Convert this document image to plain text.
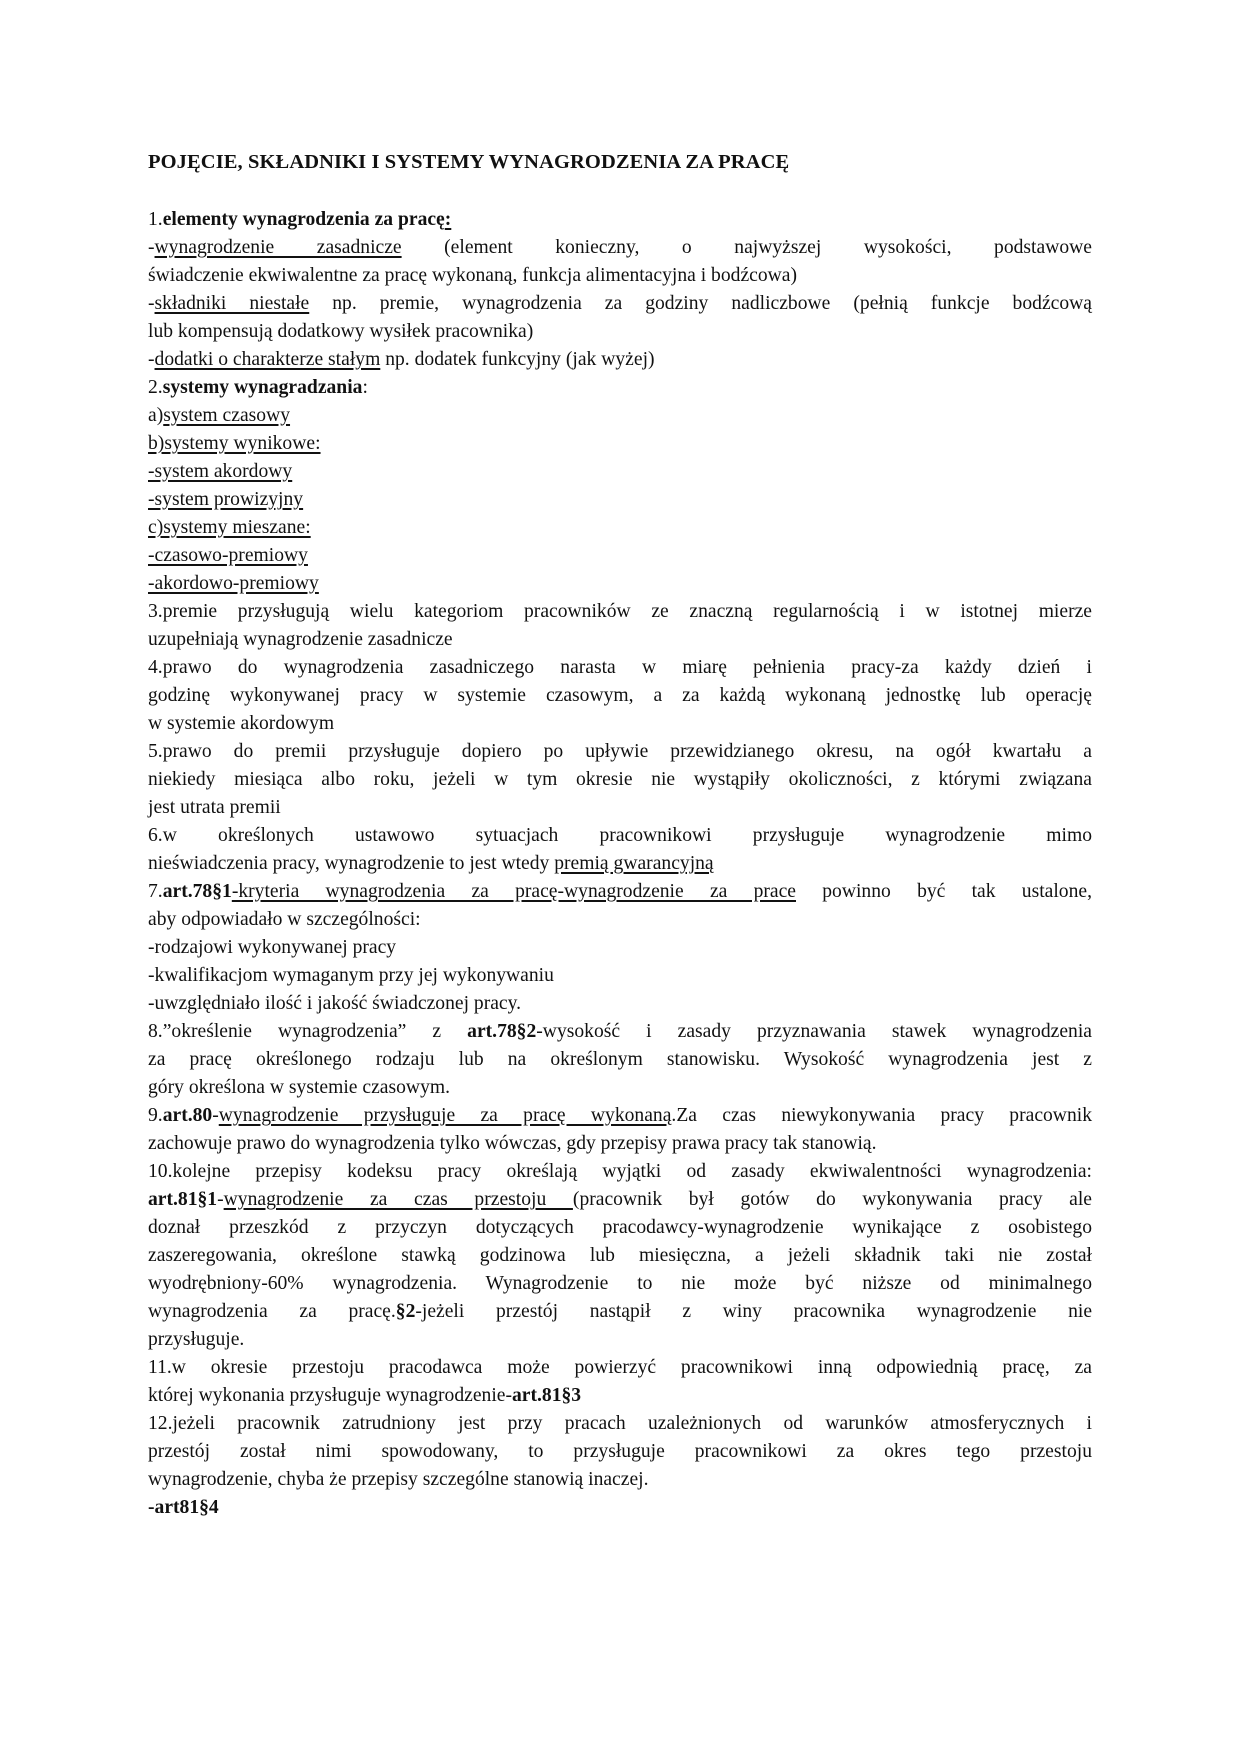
POJĘCIE, SKŁADNIKI I SYSTEMY WYNAGRODZENIA ZA PRACĘ
1.elementy wynagrodzenia za pracę:
-wynagrodzenie zasadnicze (element konieczny, o najwyższej wysokości, podstawowe
świadczenie ekwiwalentne za pracę wykonaną, funkcja alimentacyjna i bodźcowa)
-składniki niestałe np. premie, wynagrodzenia za godziny nadliczbowe (pełnią funkcje bodźcową
lub kompensują dodatkowy wysiłek pracownika)
-dodatki o charakterze stałym np. dodatek funkcyjny (jak wyżej)
2.systemy wynagradzania:
a)system czasowy
b)systemy wynikowe:
-system akordowy
-system prowizyjny
c)systemy mieszane:
-czasowo-premiowy
-akordowo-premiowy
3.premie przysługują wielu kategoriom pracowników ze znaczną regularnością i w istotnej mierze
uzupełniają wynagrodzenie zasadnicze
4.prawo do wynagrodzenia zasadniczego narasta w miarę pełnienia pracy-za każdy dzień i
godzinę wykonywanej pracy w systemie czasowym, a za każdą wykonaną jednostkę lub operację
w systemie akordowym
5.prawo do premii przysługuje dopiero po upływie przewidzianego okresu, na ogół kwartału a
niekiedy miesiąca albo roku, jeżeli w tym okresie nie wystąpiły okoliczności, z którymi związana
jest utrata premii
6.w określonych ustawowo sytuacjach pracownikowi przysługuje wynagrodzenie mimo
nieświadczenia pracy, wynagrodzenie to jest wtedy premią gwarancyjną
7.art.78§1-kryteria wynagrodzenia za pracę-wynagrodzenie za prace powinno być tak ustalone,
aby odpowiadało w szczególności:
-rodzajowi wykonywanej pracy
-kwalifikacjom wymaganym przy jej wykonywaniu
-uwzględniało ilość i jakość świadczonej pracy.
8.”określenie wynagrodzenia” z art.78§2-wysokość i zasady przyznawania stawek wynagrodzenia
za pracę określonego rodzaju lub na określonym stanowisku. Wysokość wynagrodzenia jest z
góry określona w systemie czasowym.
9.art.80-wynagrodzenie przysługuje za pracę wykonaną.Za czas niewykonywania pracy pracownik
zachowuje prawo do wynagrodzenia tylko wówczas, gdy przepisy prawa pracy tak stanowią.
10.kolejne przepisy kodeksu pracy określają wyjątki od zasady ekwiwalentności wynagrodzenia:
art.81§1-wynagrodzenie za czas przestoju (pracownik był gotów do wykonywania pracy ale
doznał przeszkód z przyczyn dotyczących pracodawcy-wynagrodzenie wynikające z osobistego
zaszeregowania, określone stawką godzinowa lub miesięczna, a jeżeli składnik taki nie został
wyodrębniony-60% wynagrodzenia. Wynagrodzenie to nie może być niższe od minimalnego
wynagrodzenia za pracę.§2-jeżeli przestój nastąpił z winy pracownika wynagrodzenie nie
przysługuje.
11.w okresie przestoju pracodawca może powierzyć pracownikowi inną odpowiednią pracę, za
której wykonania przysługuje wynagrodzenie-art.81§3
12.jeżeli pracownik zatrudniony jest przy pracach uzależnionych od warunków atmosferycznych i
przestój został nimi spowodowany, to przysługuje pracownikowi za okres tego przestoju
wynagrodzenie, chyba że przepisy szczególne stanowią inaczej.
-art81§4
